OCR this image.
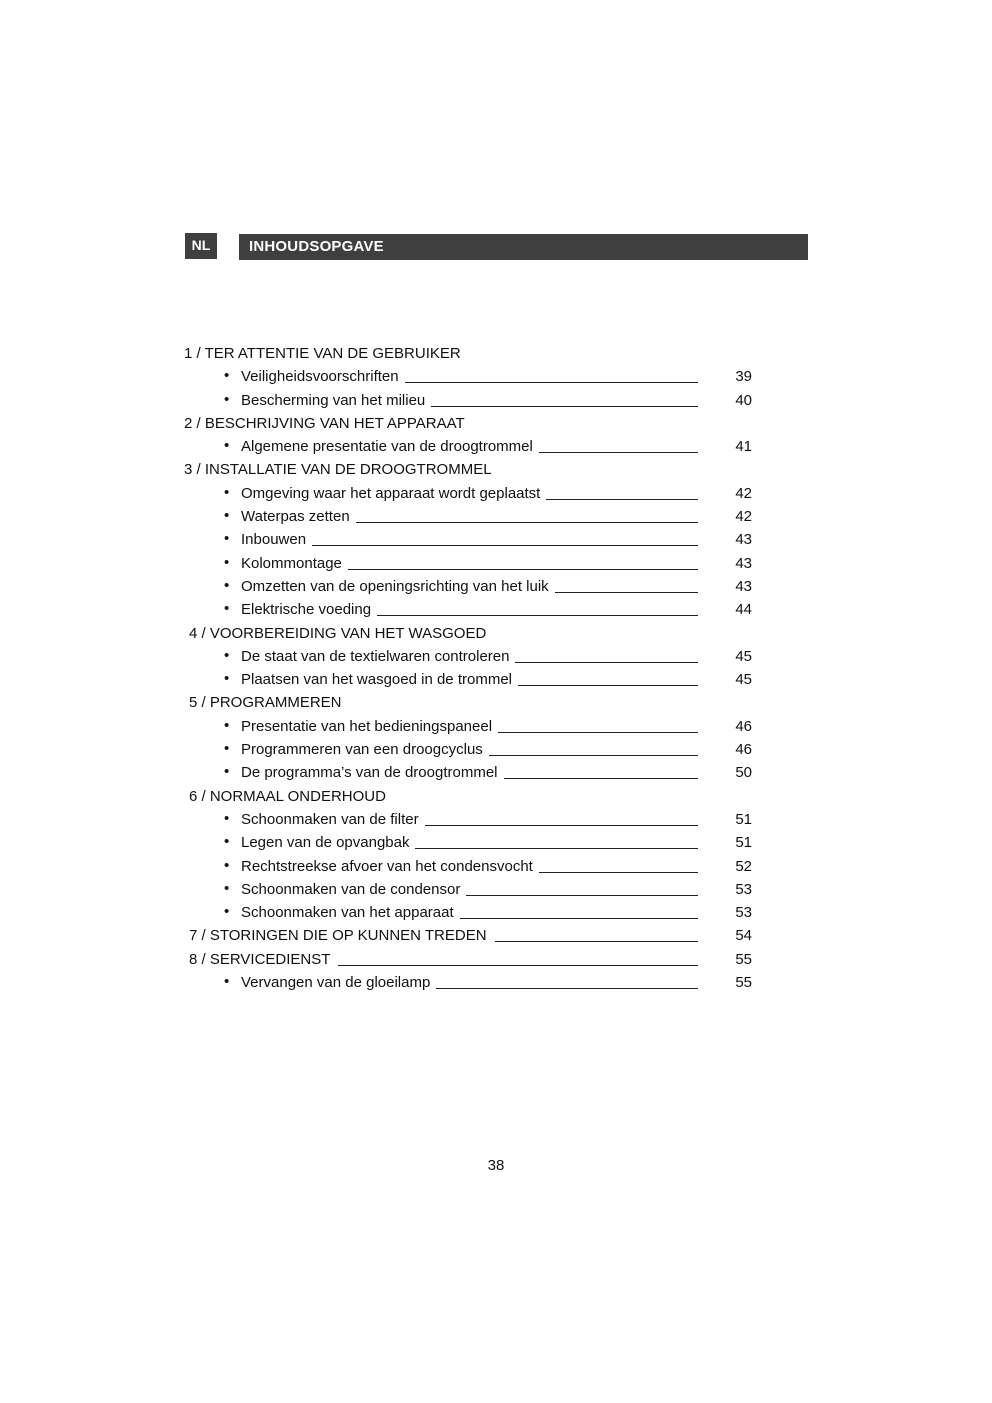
NL	INHOUDSOPGAVE
1 / TER ATTENTIE VAN DE GEBRUIKER
• Veiligheidsvoorschriften	39
• Bescherming van het milieu	40
2 / BESCHRIJVING VAN HET APPARAAT
• Algemene presentatie van de droogtrommel	41
3 / INSTALLATIE VAN DE DROOGTROMMEL
• Omgeving waar het apparaat wordt geplaatst	42
• Waterpas zetten	42
• Inbouwen	43
• Kolommontage	43
• Omzetten van de openingsrichting van het luik	43
• Elektrische voeding	44
4 / VOORBEREIDING VAN HET WASGOED
• De staat van de textielwaren controleren	45
• Plaatsen van het wasgoed in de trommel	45
5 / PROGRAMMEREN
• Presentatie van het bedieningspaneel	46
• Programmeren van een droogcyclus	46
• De programma’s van de droogtrommel	50
6 / NORMAAL ONDERHOUD
• Schoonmaken van de filter	51
• Legen van de opvangbak	51
• Rechtstreekse afvoer van het condensvocht	52
• Schoonmaken van de condensor	53
• Schoonmaken van het apparaat	53
7 / STORINGEN DIE OP KUNNEN TREDEN	54
8 / SERVICEDIENST	55
• Vervangen van de gloeilamp	55
38
